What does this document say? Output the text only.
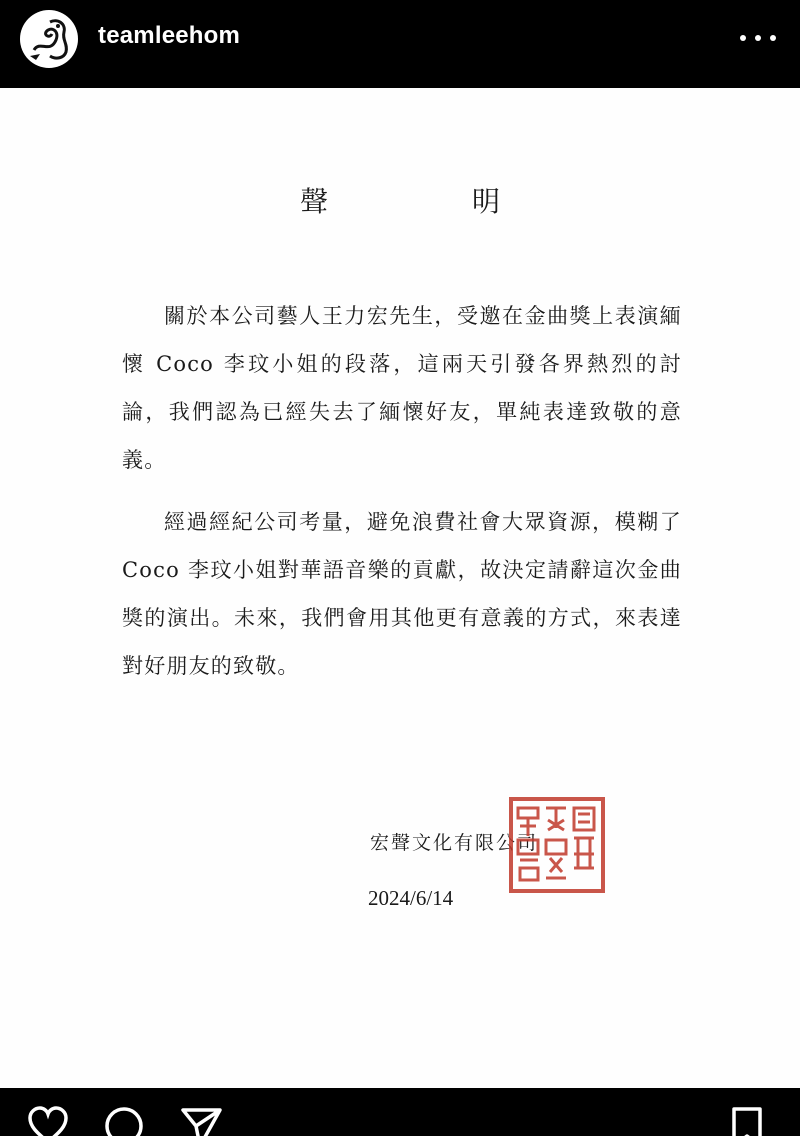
teamleehom
聲　明

關於本公司藝人王力宏先生，受邀在金曲獎上表演緬懷 Coco 李玟小姐的段落，這兩天引發各界熱烈的討論，我們認為已經失去了緬懷好友，單純表達致敬的意義。

經過經紀公司考量，避免浪費社會大眾資源，模糊了 Coco 李玟小姐對華語音樂的貢獻，故決定請辭這次金曲獎的演出。未來，我們會用其他更有意義的方式，來表達對好朋友的致敬。

宏聲文化有限公司
2024/6/14
